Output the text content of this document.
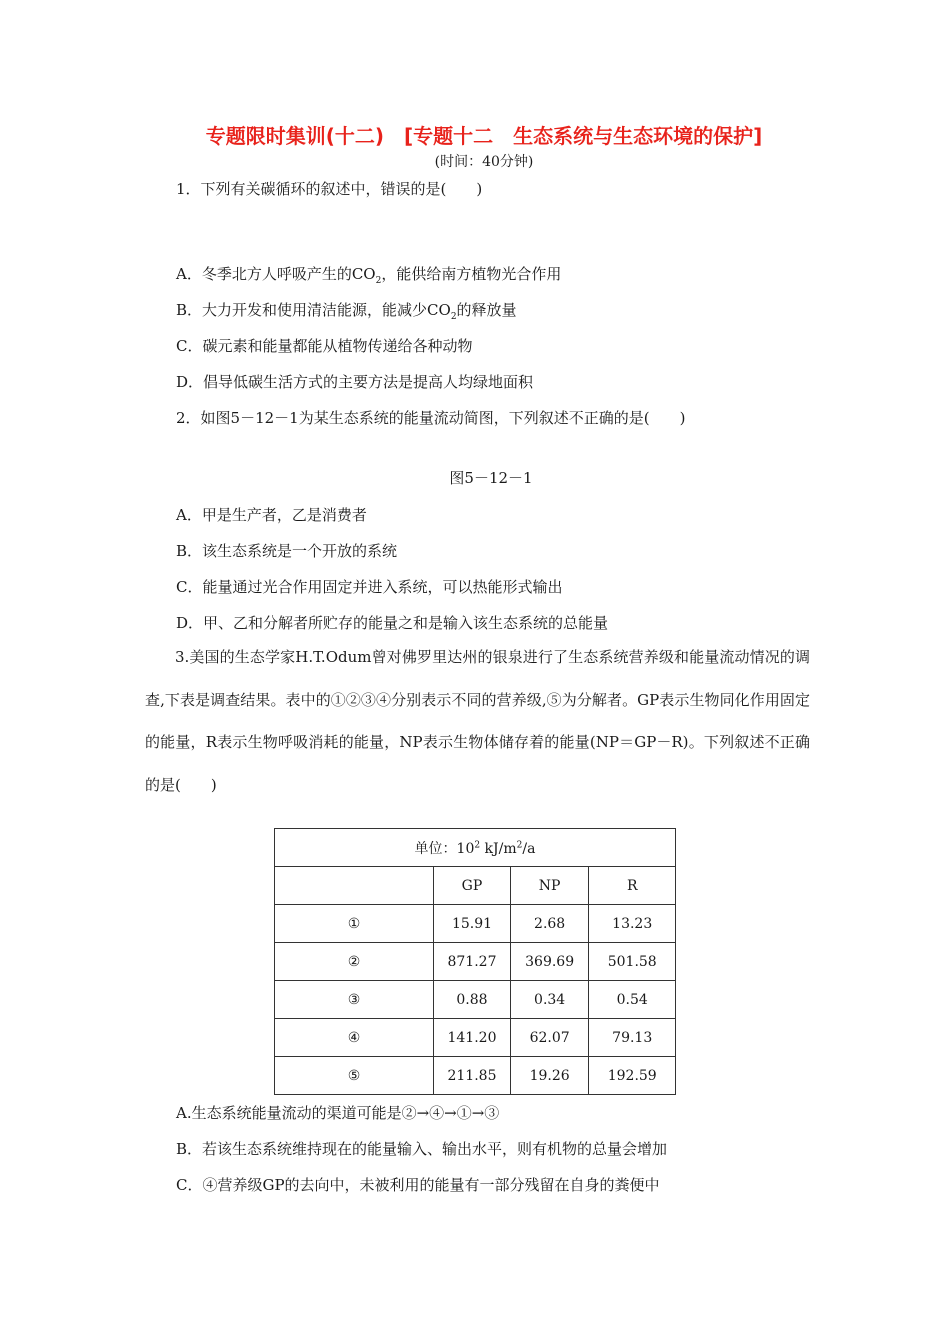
专题限时集训(十二)　[专题十二　生态系统与生态环境的保护]
(时间：40分钟)
1．下列有关碳循环的叙述中，错误的是(　　)
A．冬季北方人呼吸产生的$CO_2$，能供给南方植物光合作用
B．大力开发和使用清洁能源，能减少$CO_2$的释放量
C．碳元素和能量都能从植物传递给各种动物
D．倡导低碳生活方式的主要方法是提高人均绿地面积
2．如图5－12－1为某生态系统的能量流动简图，下列叙述不正确的是(　　)
图5－12－1
A．甲是生产者，乙是消费者
B．该生态系统是一个开放的系统
C．能量通过光合作用固定并进入系统，可以热能形式输出
D．甲、乙和分解者所贮存的能量之和是输入该生态系统的总能量
3.美国的生态学家H.T.Odum曾对佛罗里达州的银泉进行了生态系统营养级和能量流动情况的调查,下表是调查结果。表中的①②③④分别表示不同的营养级,⑤为分解者。GP表示生物同化作用固定的能量，R表示生物呼吸消耗的能量，NP表示生物体储存着的能量(NP＝GP－R)。下列叙述不正确的是(　　)
单位：$10^2$ $kJ/m^2/a$			
	GP	NP	R
①	15.91	2.68	13.23
②	871.27	369.69	501.58
③	0.88	0.34	0.54
④	141.20	62.07	79.13
⑤	211.85	19.26	192.59
A.生态系统能量流动的渠道可能是②→④→①→③
B．若该生态系统维持现在的能量输入、输出水平，则有机物的总量会增加
C．④营养级GP的去向中，未被利用的能量有一部分残留在自身的粪便中
